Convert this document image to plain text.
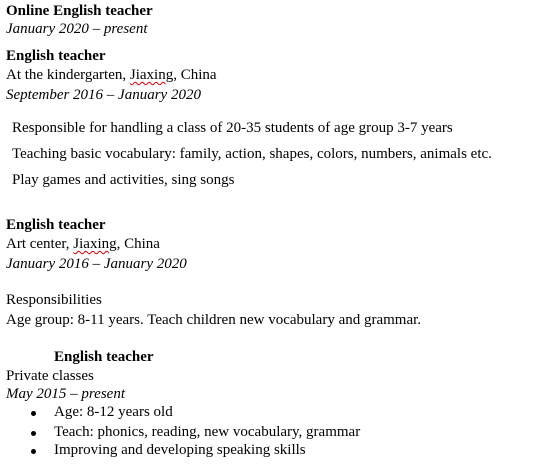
Online English teacher
January 2020 – present
English teacher
At the kindergarten, Jiaxing, China
September 2016 – January 2020
Responsible for handling a class of 20-35 students of age group 3-7 years
Teaching basic vocabulary: family, action, shapes, colors, numbers, animals etc.
Play games and activities, sing songs
English teacher
Art center, Jiaxing, China
January 2016 – January 2020
Responsibilities
Age group: 8-11 years. Teach children new vocabulary and grammar.
English teacher
Private classes
May 2015 – present
Age: 8-12 years old
Teach: phonics, reading, new vocabulary, grammar
Improving and developing speaking skills
